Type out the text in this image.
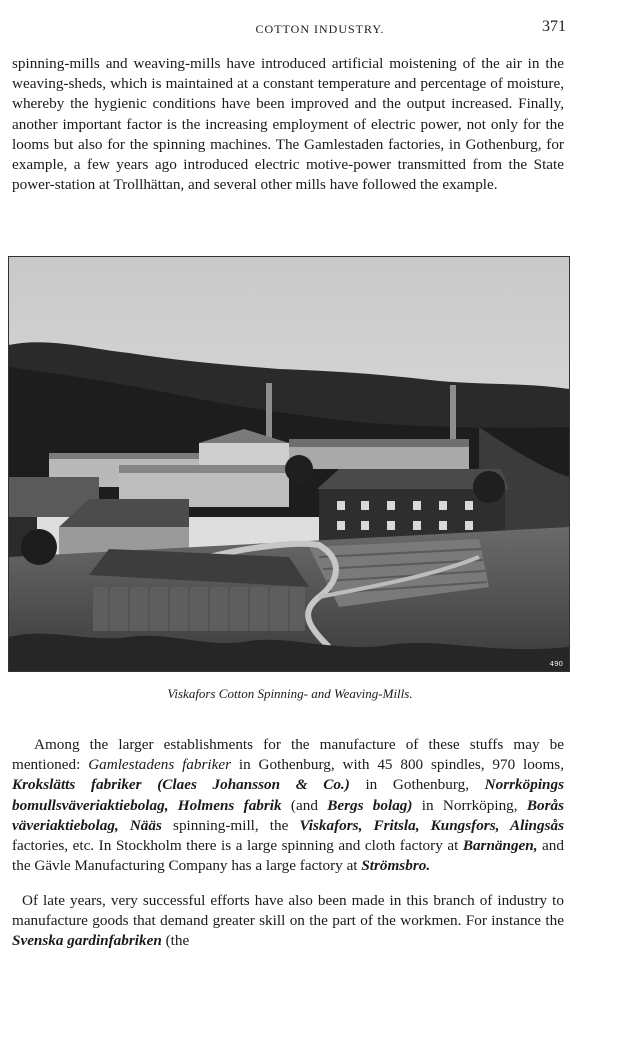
COTTON INDUSTRY.	371

spinning-mills and weaving-mills have introduced artificial moistening of the air in the weaving-sheds, which is maintained at a constant temperature and percentage of moisture, whereby the hygienic conditions have been improved and the output increased. Finally, another important factor is the increasing employment of electric power, not only for the looms but also for the spinning machines. The Gamlestaden factories, in Gothenburg, for example, a few years ago introduced electric motive-power transmitted from the State power-station at Trollhättan, and several other mills have followed the example.

490
Viskafors Cotton Spinning- and Weaving-Mills.

Among the larger establishments for the manufacture of these stuffs may be mentioned: Gamlestadens fabriker in Gothenburg, with 45 800 spindles, 970 looms, Krokslätts fabriker (Claes Johansson & Co.) in Gothenburg, Norrköpings bomullsväveriaktiebolag, Holmens fabrik (and Bergs bolag) in Norrköping, Borås väveriaktiebolag, Nääs spinning-mill, the Viskafors, Fritsla, Kungsfors, Alingsås factories, etc. In Stockholm there is a large spinning and cloth factory at Barnängen, and the Gävle Manufacturing Company has a large factory at Strömsbro.

Of late years, very successful efforts have also been made in this branch of industry to manufacture goods that demand greater skill on the part of the workmen. For instance the Svenska gardinfabriken (the
